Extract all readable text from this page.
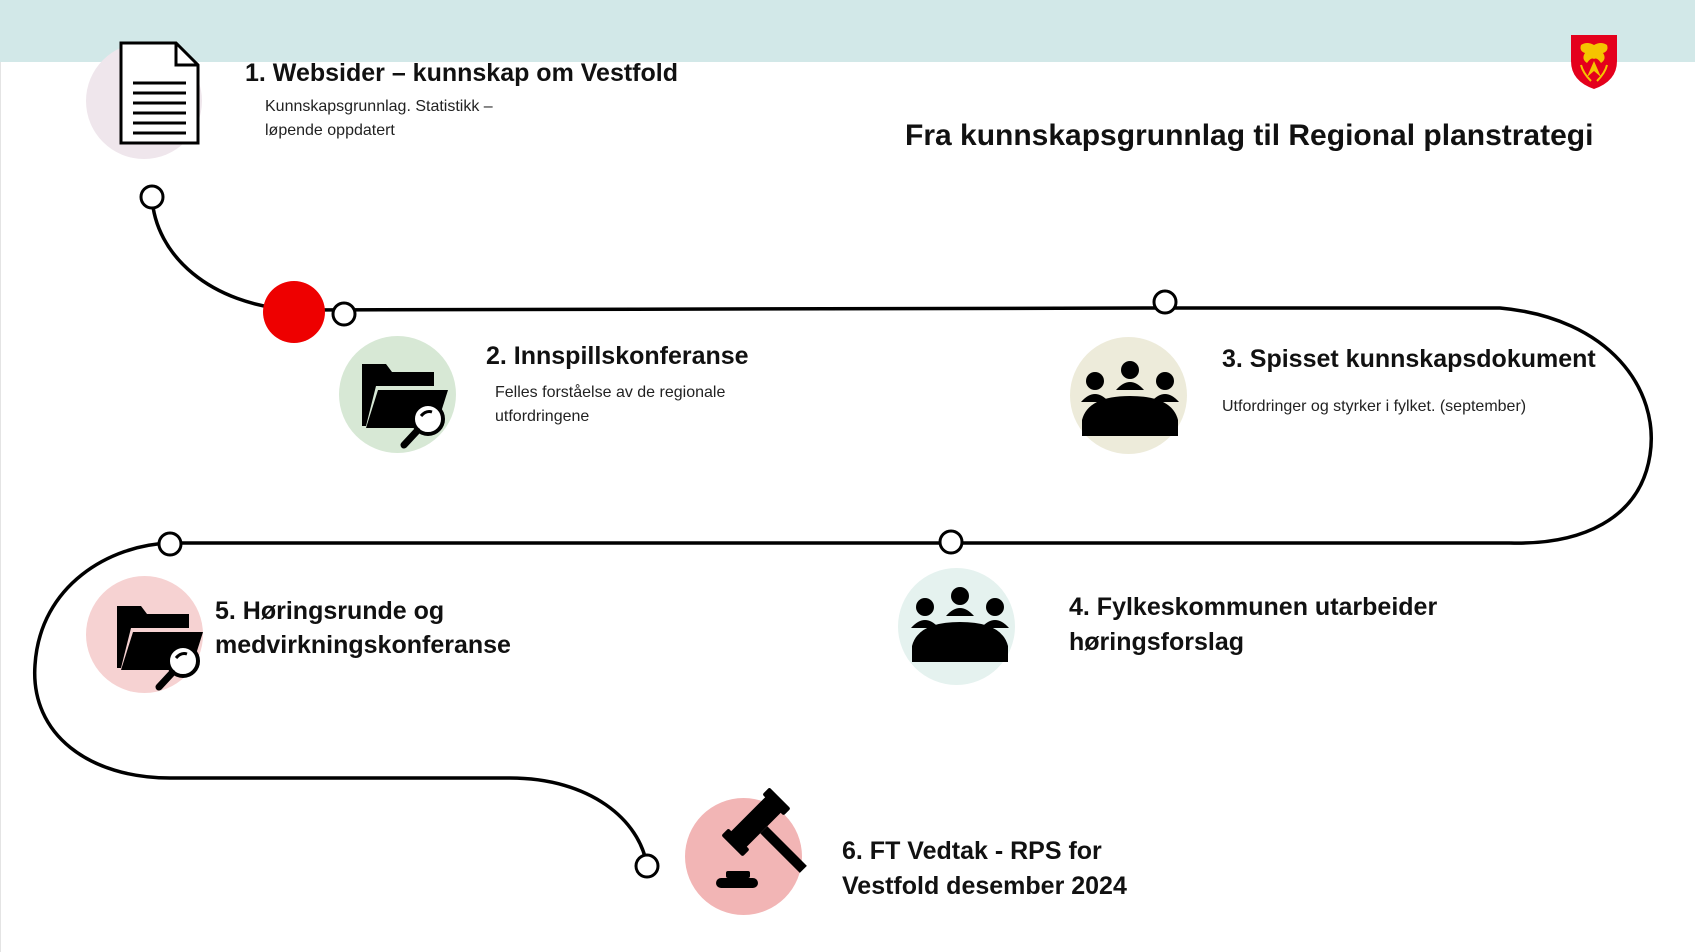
Fra kunnskapsgrunnlag til Regional planstrategi
1. Websider – kunnskap om Vestfold
Kunnskapsgrunnlag. Statistikk –
løpende oppdatert
2. Innspillskonferanse
Felles forståelse av de regionale
utfordringene
3. Spisset kunnskapsdokument
Utfordringer og styrker i fylket. (september)
4. Fylkeskommunen utarbeider
høringsforslag
5. Høringsrunde og
medvirkningskonferanse
6. FT Vedtak - RPS for
Vestfold desember 2024
